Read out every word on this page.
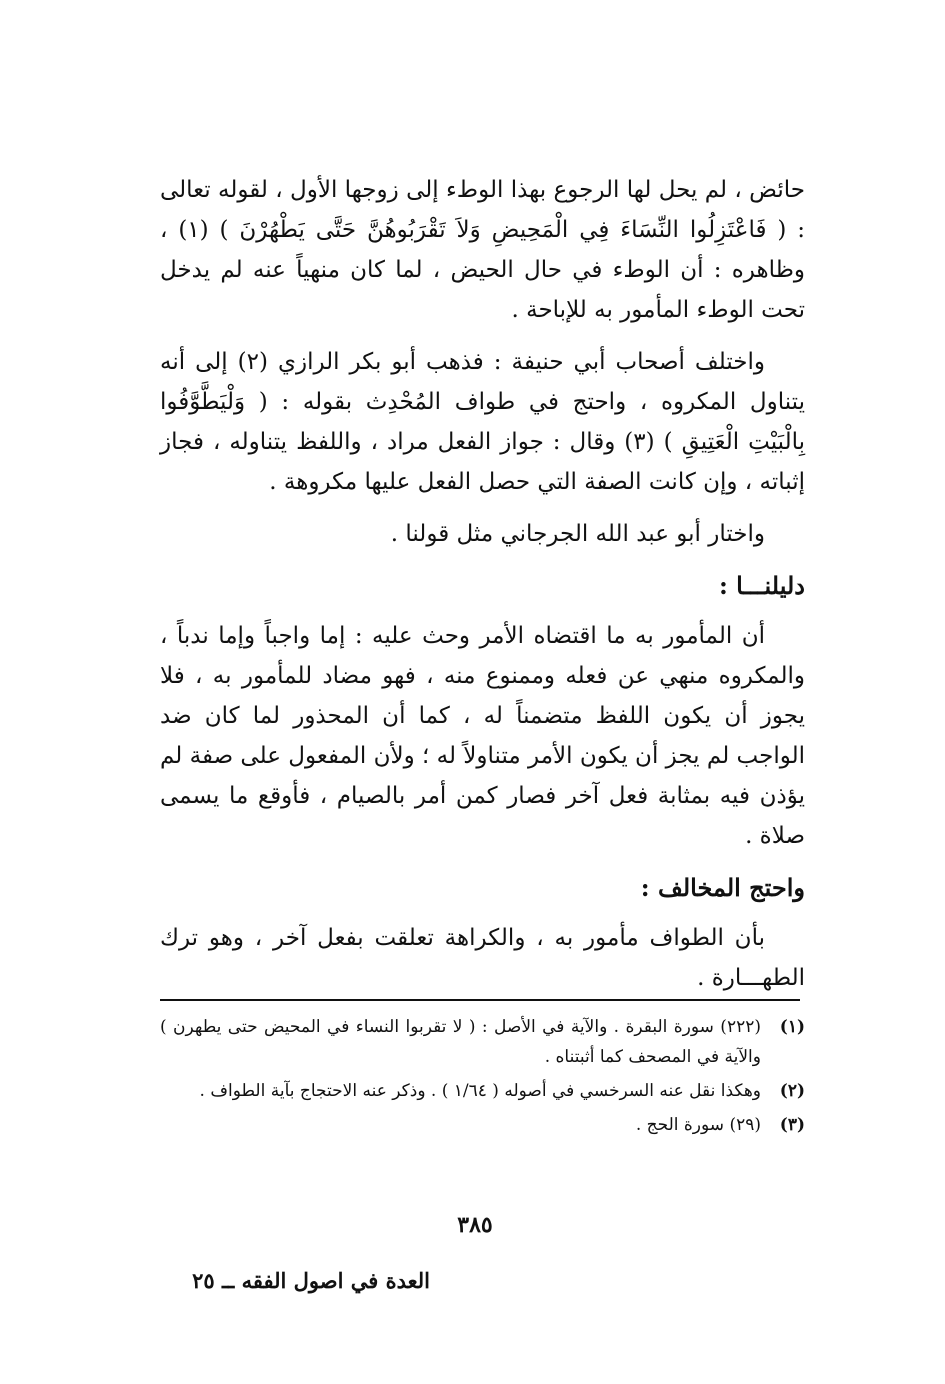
حائض ، لم يحل لها الرجوع بهذا الوطء إلى زوجها الأول ، لقوله تعالى : ( فَاعْتَزِلُوا النِّسَاءَ فِي الْمَحِيضِ وَلاَ تَقْرَبُوهُنَّ حَتَّى يَطْهُرْنَ ) (١) ، وظاهره : أن الوطء في حال الحيض ، لما كان منهياً عنه لم يدخل تحت الوطء المأمور به للإباحة .

واختلف أصحاب أبي حنيفة : فذهب أبو بكر الرازي (٢) إلى أنه يتناول المكروه ، واحتج في طواف المُحْدِث بقوله : ( وَلْيَطَّوَّفُوا بِالْبَيْتِ الْعَتِيقِ ) (٣) وقال : جواز الفعل مراد ، واللفظ يتناوله ، فجاز إثباته ، وإن كانت الصفة التي حصل الفعل عليها مكروهة .

واختار أبو عبد الله الجرجاني مثل قولنا .

دليلنـــا :

أن المأمور به ما اقتضاه الأمر وحث عليه : إما واجباً وإما ندباً ، والمكروه منهي عن فعله وممنوع منه ، فهو مضاد للمأمور به ، فلا يجوز أن يكون اللفظ متضمناً له ، كما أن المحذور لما كان ضد الواجب لم يجز أن يكون الأمر متناولاً له ؛ ولأن المفعول على صفة لم يؤذن فيه بمثابة فعل آخر فصار كمن أمر بالصيام ، فأوقع ما يسمى صلاة .

واحتج المخالف :

بأن الطواف مأمور به ، والكراهة تعلقت بفعل آخر ، وهو ترك الطهـــارة .

(١)
(٢٢٢) سورة البقرة . والآية في الأصل : ( لا تقربوا النساء في المحيض حتى يطهرن ) والآية في المصحف كما أثبتناه .
(٢)
وهكذا نقل عنه السرخسي في أصوله ( ١/٦٤ ) . وذكر عنه الاحتجاج بآية الطواف .
(٣)
(٢٩) سورة الحج .
٣٨٥
العدة في اصول الفقه ــ ٢٥
